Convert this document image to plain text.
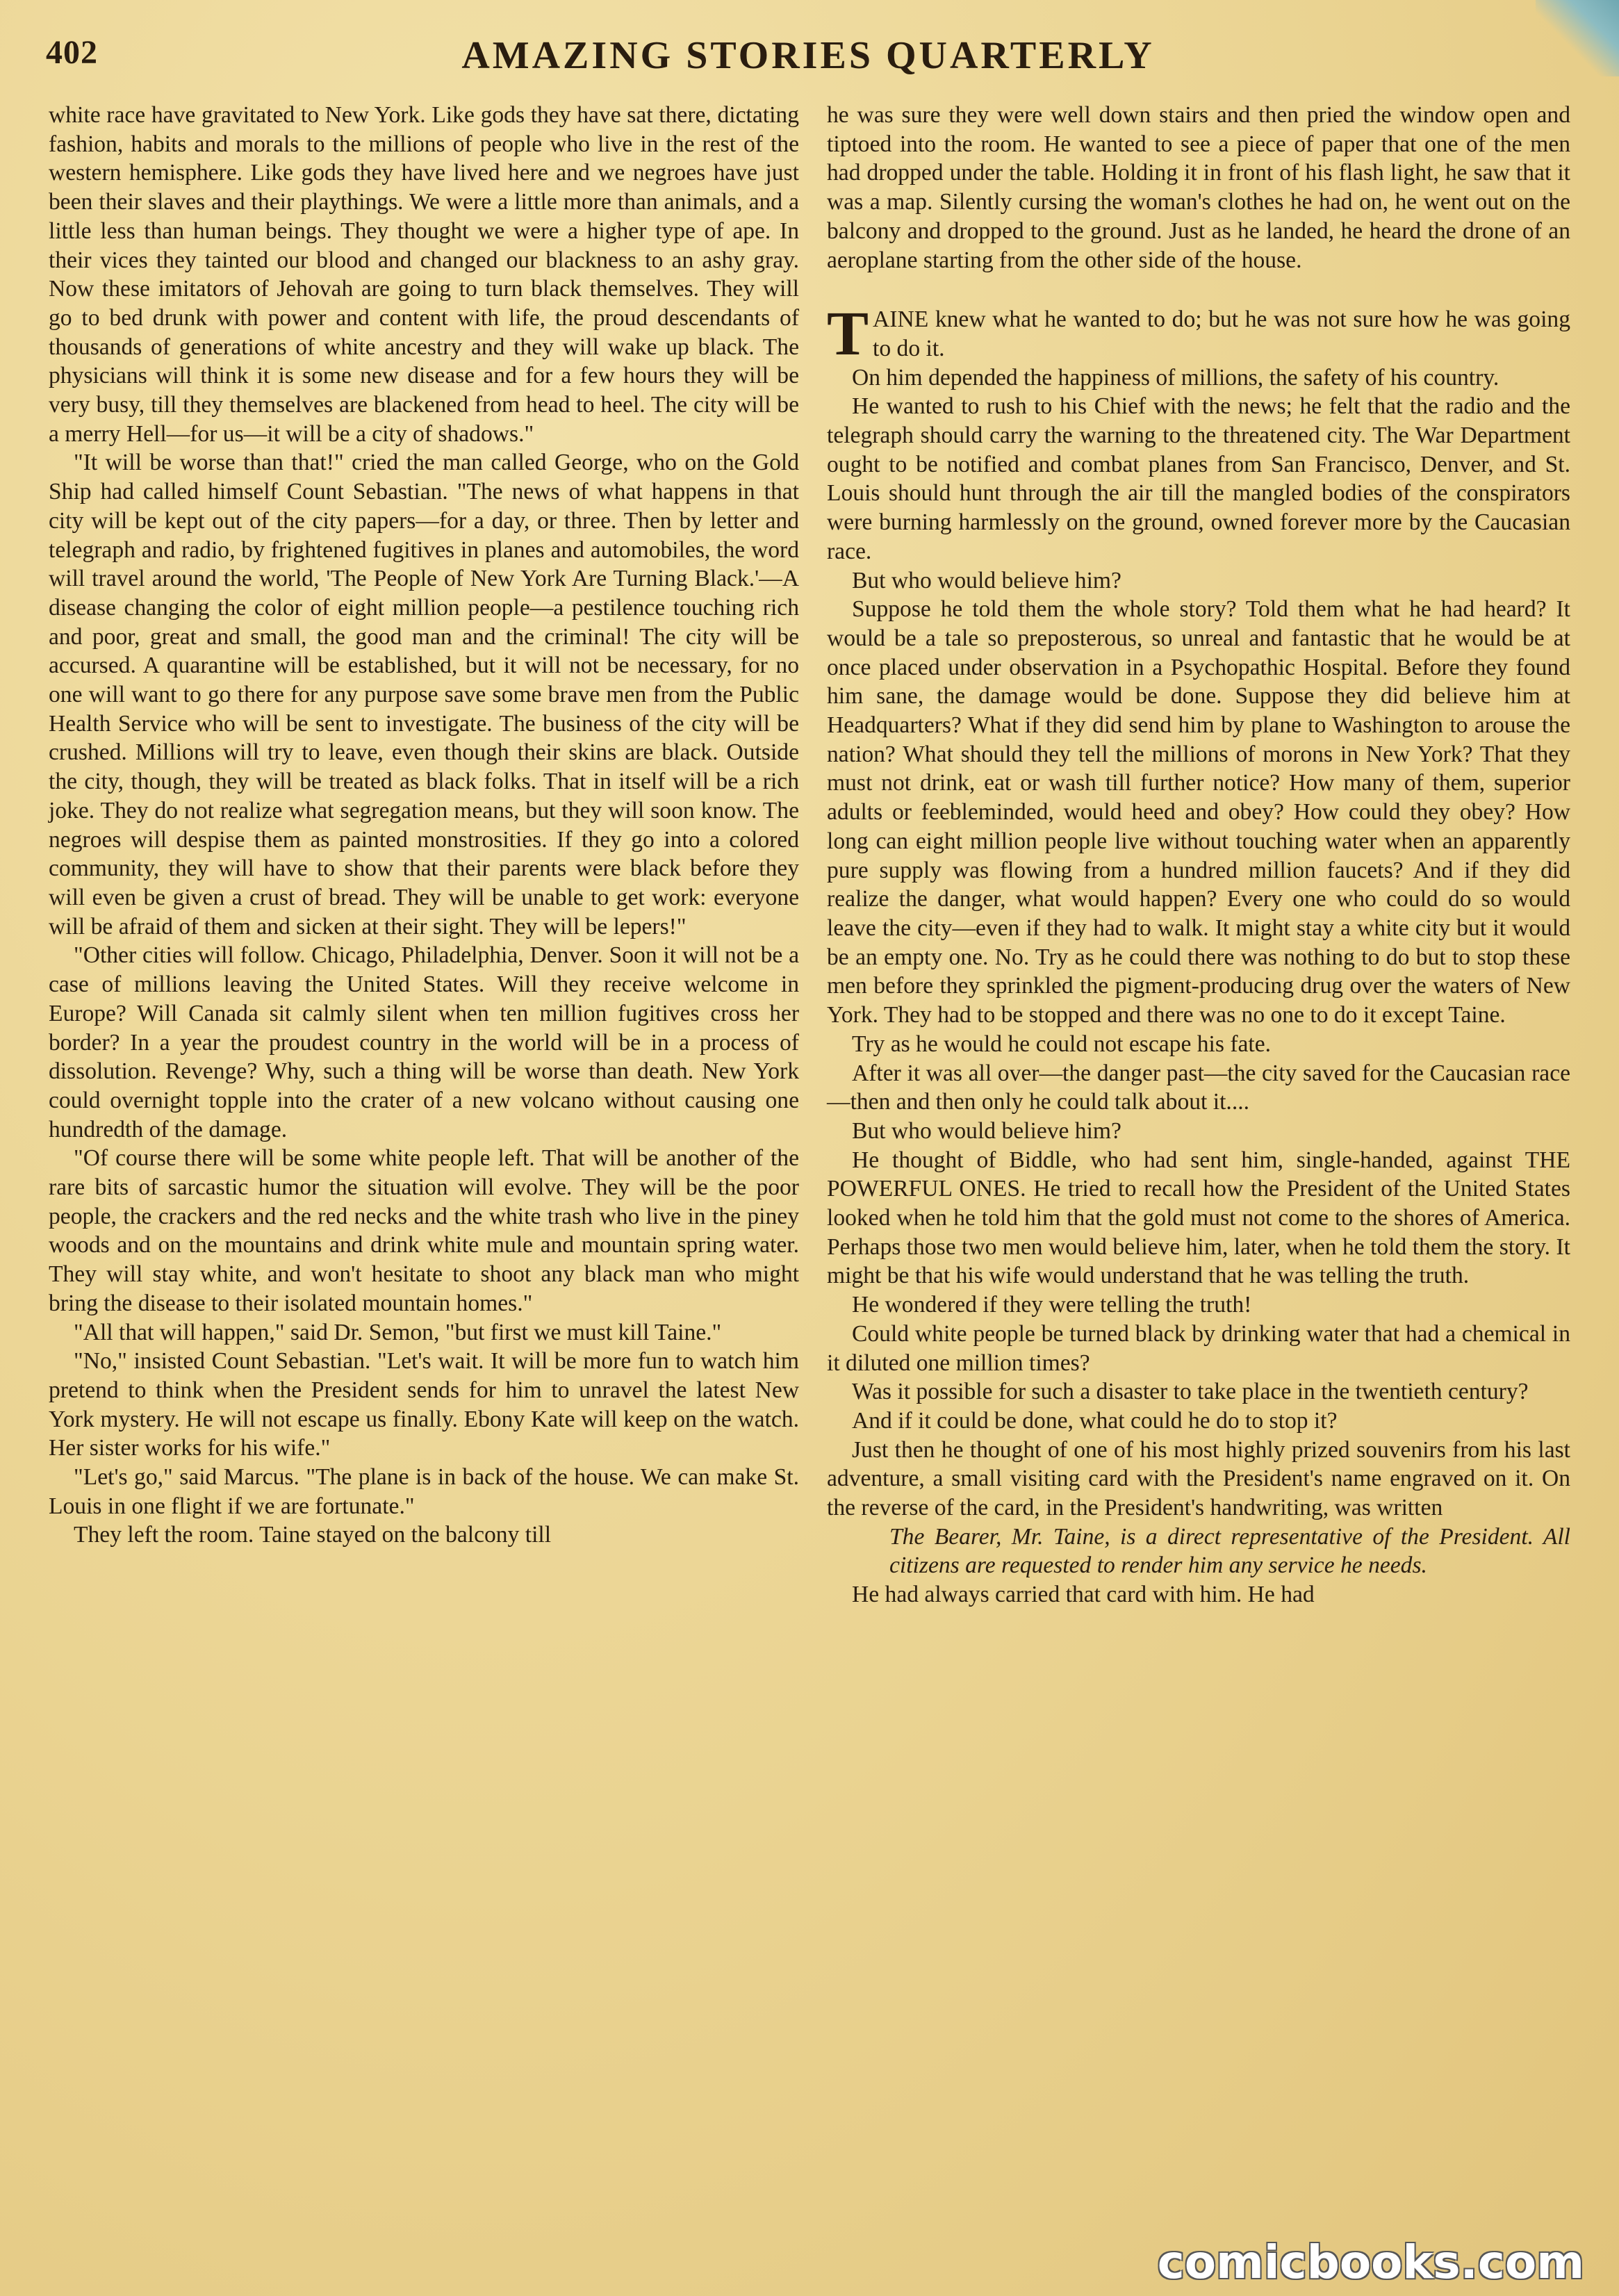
402	AMAZING STORIES QUARTERLY

white race have gravitated to New York. Like gods they have sat there, dictating fashion, habits and morals to the millions of people who live in the rest of the western hemisphere. Like gods they have lived here and we negroes have just been their slaves and their playthings. We were a little more than animals, and a little less than human beings. They thought we were a higher type of ape. In their vices they tainted our blood and changed our blackness to an ashy gray. Now these imitators of Jehovah are going to turn black themselves. They will go to bed drunk with power and content with life, the proud descendants of thousands of generations of white ancestry and they will wake up black. The physicians will think it is some new disease and for a few hours they will be very busy, till they themselves are blackened from head to heel. The city will be a merry Hell—for us—it will be a city of shadows."

"It will be worse than that!" cried the man called George, who on the Gold Ship had called himself Count Sebastian. "The news of what happens in that city will be kept out of the city papers—for a day, or three. Then by letter and telegraph and radio, by frightened fugitives in planes and automobiles, the word will travel around the world, 'The People of New York Are Turning Black.'—A disease changing the color of eight million people—a pestilence touching rich and poor, great and small, the good man and the criminal! The city will be accursed. A quarantine will be established, but it will not be necessary, for no one will want to go there for any purpose save some brave men from the Public Health Service who will be sent to investigate. The business of the city will be crushed. Millions will try to leave, even though their skins are black. Outside the city, though, they will be treated as black folks. That in itself will be a rich joke. They do not realize what segregation means, but they will soon know. The negroes will despise them as painted monstrosities. If they go into a colored community, they will have to show that their parents were black before they will even be given a crust of bread. They will be unable to get work: everyone will be afraid of them and sicken at their sight. They will be lepers!"

"Other cities will follow. Chicago, Philadelphia, Denver. Soon it will not be a case of millions leaving the United States. Will they receive welcome in Europe? Will Canada sit calmly silent when ten million fugitives cross her border? In a year the proudest country in the world will be in a process of dissolution. Revenge? Why, such a thing will be worse than death. New York could overnight topple into the crater of a new volcano without causing one hundredth of the damage.

"Of course there will be some white people left. That will be another of the rare bits of sarcastic humor the situation will evolve. They will be the poor people, the crackers and the red necks and the white trash who live in the piney woods and on the mountains and drink white mule and mountain spring water. They will stay white, and won't hesitate to shoot any black man who might bring the disease to their isolated mountain homes."

"All that will happen," said Dr. Semon, "but first we must kill Taine."

"No," insisted Count Sebastian. "Let's wait. It will be more fun to watch him pretend to think when the President sends for him to unravel the latest New York mystery. He will not escape us finally. Ebony Kate will keep on the watch. Her sister works for his wife."

"Let's go," said Marcus. "The plane is in back of the house. We can make St. Louis in one flight if we are fortunate."

They left the room. Taine stayed on the balcony till

he was sure they were well down stairs and then pried the window open and tiptoed into the room. He wanted to see a piece of paper that one of the men had dropped under the table. Holding it in front of his flash light, he saw that it was a map. Silently cursing the woman's clothes he had on, he went out on the balcony and dropped to the ground. Just as he landed, he heard the drone of an aeroplane starting from the other side of the house.

TAINE knew what he wanted to do; but he was not sure how he was going to do it.

On him depended the happiness of millions, the safety of his country.

He wanted to rush to his Chief with the news; he felt that the radio and the telegraph should carry the warning to the threatened city. The War Department ought to be notified and combat planes from San Francisco, Denver, and St. Louis should hunt through the air till the mangled bodies of the conspirators were burning harmlessly on the ground, owned forever more by the Caucasian race.

But who would believe him?

Suppose he told them the whole story? Told them what he had heard? It would be a tale so preposterous, so unreal and fantastic that he would be at once placed under observation in a Psychopathic Hospital. Before they found him sane, the damage would be done. Suppose they did believe him at Headquarters? What if they did send him by plane to Washington to arouse the nation? What should they tell the millions of morons in New York? That they must not drink, eat or wash till further notice? How many of them, superior adults or feebleminded, would heed and obey? How could they obey? How long can eight million people live without touching water when an apparently pure supply was flowing from a hundred million faucets? And if they did realize the danger, what would happen? Every one who could do so would leave the city—even if they had to walk. It might stay a white city but it would be an empty one. No. Try as he could there was nothing to do but to stop these men before they sprinkled the pigment-producing drug over the waters of New York. They had to be stopped and there was no one to do it except Taine.

Try as he would he could not escape his fate.

After it was all over—the danger past—the city saved for the Caucasian race—then and then only he could talk about it....

But who would believe him?

He thought of Biddle, who had sent him, single-handed, against THE POWERFUL ONES. He tried to recall how the President of the United States looked when he told him that the gold must not come to the shores of America. Perhaps those two men would believe him, later, when he told them the story. It might be that his wife would understand that he was telling the truth.

He wondered if they were telling the truth!

Could white people be turned black by drinking water that had a chemical in it diluted one million times?

Was it possible for such a disaster to take place in the twentieth century?

And if it could be done, what could he do to stop it?

Just then he thought of one of his most highly prized souvenirs from his last adventure, a small visiting card with the President's name engraved on it. On the reverse of the card, in the President's handwriting, was written

The Bearer, Mr. Taine, is a direct representative of the President. All citizens are requested to render him any service he needs.

He had always carried that card with him. He had

comicbooks.com
